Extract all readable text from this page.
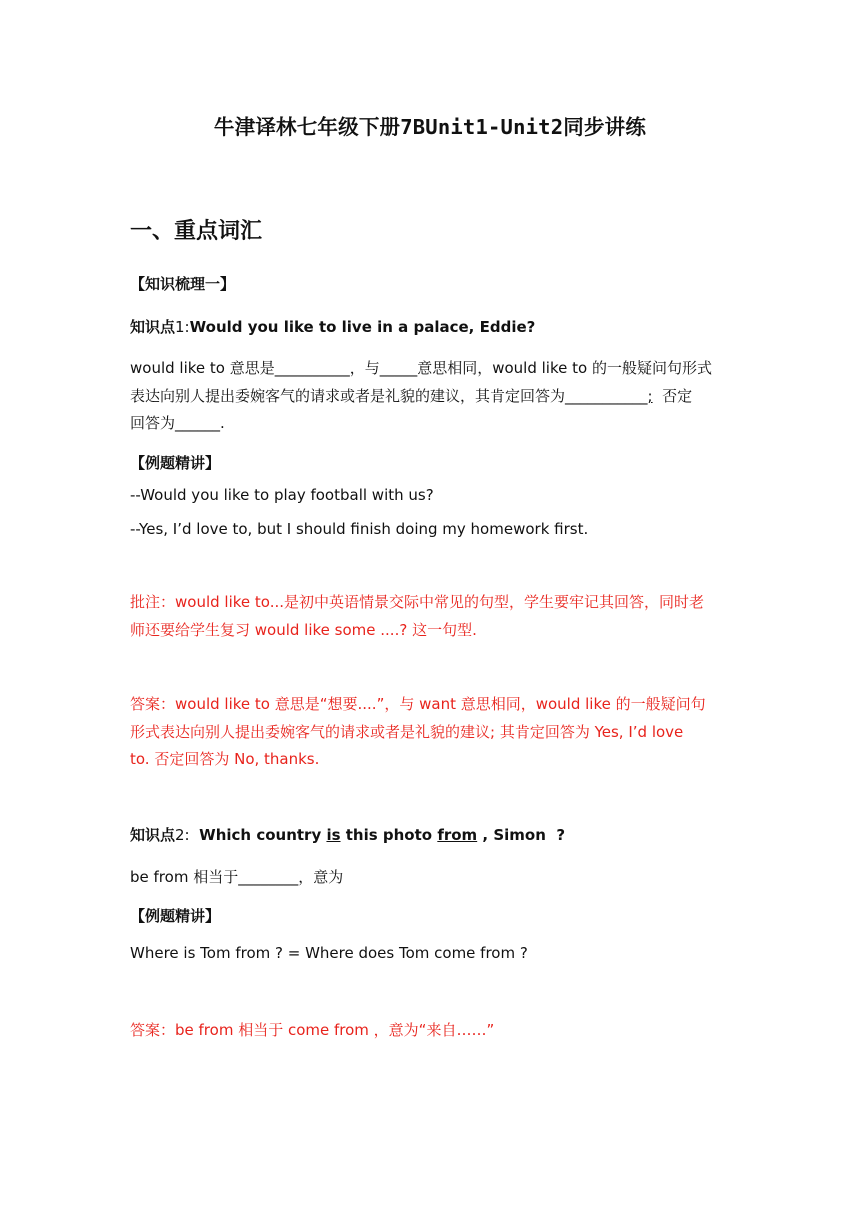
牛津译林七年级下册7BUnit1-Unit2同步讲练
一、重点词汇
【知识梳理一】
知识点1:Would you like to live in a palace, Eddie?
would like to 意思是__________，与_____意思相同，would like to 的一般疑问句形式
表达向别人提出委婉客气的请求或者是礼貌的建议，其肯定回答为___________;  否定
回答为______.
【例题精讲】
--Would you like to play football with us?
--Yes, I’d love to, but I should finish doing my homework first.
批注：would like to...是初中英语情景交际中常见的句型，学生要牢记其回答，同时老
师还要给学生复习 would like some ....? 这一句型.
答案：would like to 意思是“想要....”，与 want 意思相同，would like 的一般疑问句
形式表达向别人提出委婉客气的请求或者是礼貌的建议; 其肯定回答为 Yes, I’d love
to. 否定回答为 No, thanks.
知识点2: Which country is this photo from , Simon  ?
be from 相当于________，意为
【例题精讲】
Where is Tom from ? = Where does Tom come from ?
答案：be from 相当于 come from ，意为“来自……”
